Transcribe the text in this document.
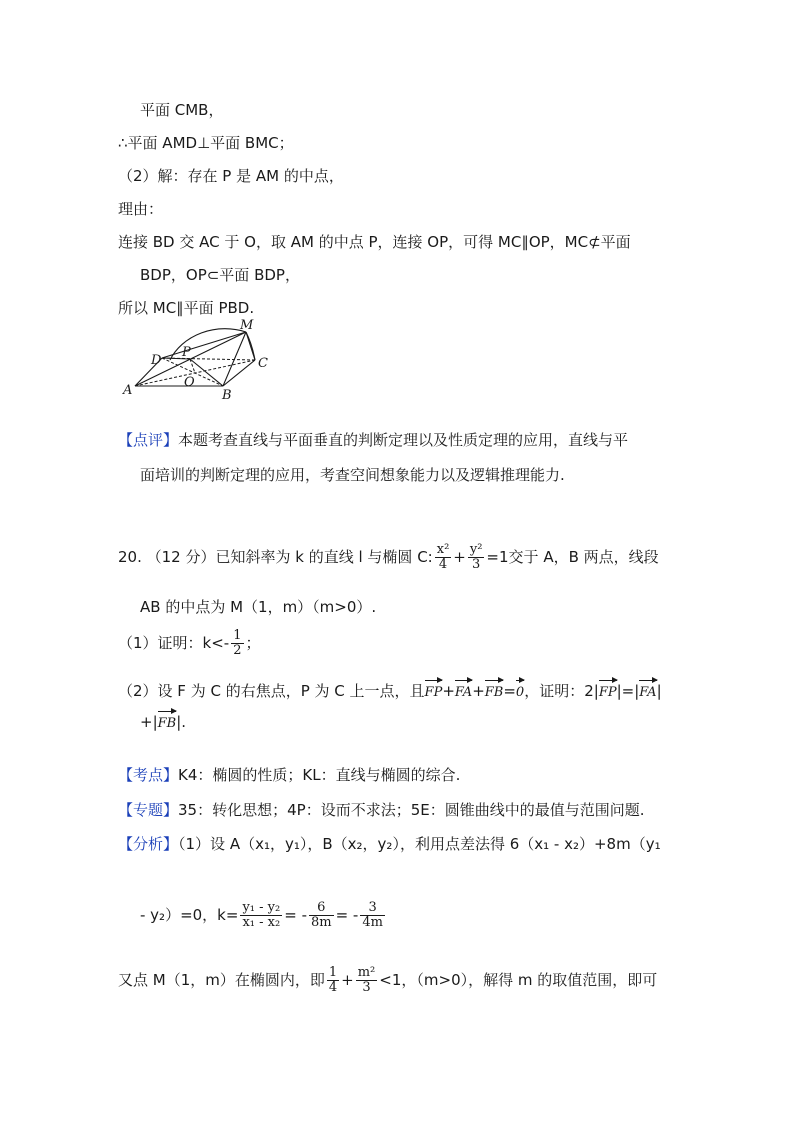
平面 CMB，
∴平面 AMD⊥平面 BMC；
（2）解：存在 P 是 AM 的中点，
理由：
连接 BD 交 AC 于 O，取 AM 的中点 P，连接 OP，可得 MC∥OP，MC⊄平面
BDP，OP⊂平面 BDP，
所以 MC∥平面 PBD.
M
D
P
C
A
O
B
【点评】本题考查直线与平面垂直的判断定理以及性质定理的应用，直线与平
面培训的判断定理的应用，考查空间想象能力以及逻辑推理能力.
20. （12 分）已知斜率为 k 的直线 l 与椭圆 C: $\frac{\text{x²}}{4} + \frac{\text{y²}}{3} =1$交于 A，B 两点，线段
AB 的中点为 M（1，m）（m>0）.
（1）证明：$k<- \frac{1}{2}$ ；
（2）设 F 为 C 的右焦点，P 为 C 上一点，且FP+FA+FB=0，证明：2|FP|=|FA|
+|FB|.
【考点】K4：椭圆的性质；KL：直线与椭圆的综合.
【专题】35：转化思想；4P：设而不求法；5E：圆锥曲线中的最值与范围问题.
【分析】（1）设 A（x₁，y₁），B（x₂，y₂），利用点差法得 6（x₁ - x₂）+8m（y₁
- y₂）=0，$k= \frac{\text{y₁ - y₂}}{\text{x₁ - x₂}}$ = - $\frac{6}{8m}$ = - $\frac{3}{4m}$
又点 M（1，m）在椭圆内，即 $\frac{1}{4} + \frac{\text{m²}}{3} <1$，（m>0），解得 m 的取值范围，即可
